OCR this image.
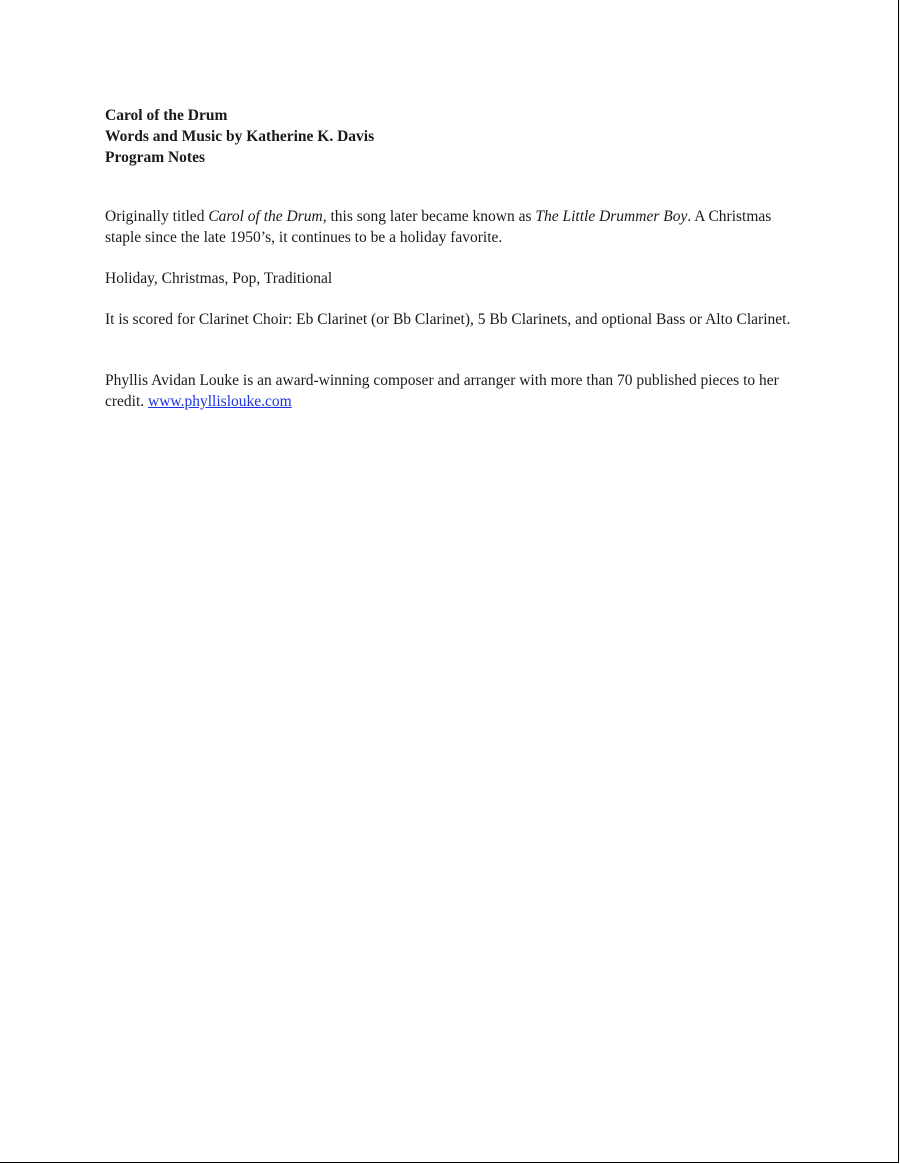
Carol of the Drum
Words and Music by Katherine K. Davis
Program Notes

Originally titled Carol of the Drum, this song later became known as The Little Drummer Boy. A Christmas staple since the late 1950’s, it continues to be a holiday favorite.

Holiday, Christmas, Pop, Traditional

It is scored for Clarinet Choir: Eb Clarinet (or Bb Clarinet), 5 Bb Clarinets, and optional Bass or Alto Clarinet.

Phyllis Avidan Louke is an award-winning composer and arranger with more than 70 published pieces to her credit. www.phyllislouke.com
